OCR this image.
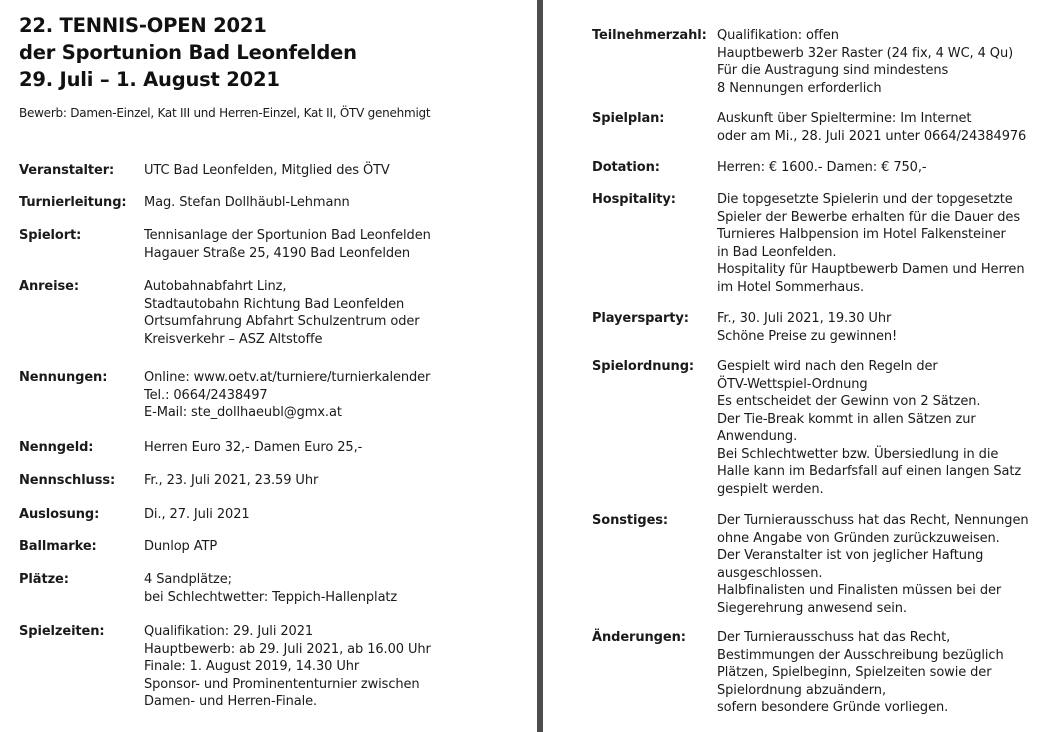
22. TENNIS-OPEN 2021
der Sportunion Bad Leonfelden
29. Juli – 1. August 2021
Bewerb: Damen-Einzel, Kat III und Herren-Einzel, Kat II, ÖTV genehmigt
Veranstalter: UTC Bad Leonfelden, Mitglied des ÖTV
Turnierleitung: Mag. Stefan Dollhäubl-Lehmann
Spielort:	Tennisanlage der Sportunion Bad Leonfelden
Hagauer Straße 25, 4190 Bad Leonfelden
Anreise:	Autobahnabfahrt Linz,
Stadtautobahn Richtung Bad Leonfelden
Ortsumfahrung Abfahrt Schulzentrum oder
Kreisverkehr – ASZ Altstoffe
Nennungen:	Online: www.oetv.at/turniere/turnierkalender
Tel.: 0664/2438497
E-Mail: ste_dollhaeubl@gmx.at
Nenngeld:	Herren Euro 32,- Damen Euro 25,-
Nennschluss: Fr., 23. Juli 2021, 23.59 Uhr
Auslosung:	Di., 27. Juli 2021
Ballmarke:	Dunlop ATP
Plätze:	4 Sandplätze;
bei Schlechtwetter: Teppich-Hallenplatz
Spielzeiten:	Qualifikation: 29. Juli 2021
Hauptbewerb: ab 29. Juli 2021, ab 16.00 Uhr
Finale: 1. August 2019, 14.30 Uhr
Sponsor- und Prominententurnier zwischen
Damen- und Herren-Finale.
Teilnehmerzahl: Qualifikation: offen
Hauptbewerb 32er Raster (24 fix, 4 WC, 4 Qu)
Für die Austragung sind mindestens
8 Nennungen erforderlich
Spielplan:	Auskunft über Spieltermine: Im Internet
oder am Mi., 28. Juli 2021 unter 0664/24384976
Dotation:	Herren: € 1600.- Damen: € 750,-
Hospitality:	Die topgesetzte Spielerin und der topgesetzte
Spieler der Bewerbe erhalten für die Dauer des
Turnieres Halbpension im Hotel Falkensteiner
in Bad Leonfelden.
Hospitality für Hauptbewerb Damen und Herren
im Hotel Sommerhaus.
Playersparty: Fr., 30. Juli 2021, 19.30 Uhr
Schöne Preise zu gewinnen!
Spielordnung: Gespielt wird nach den Regeln der
ÖTV-Wettspiel-Ordnung
Es entscheidet der Gewinn von 2 Sätzen.
Der Tie-Break kommt in allen Sätzen zur
Anwendung.
Bei Schlechtwetter bzw. Übersiedlung in die
Halle kann im Bedarfsfall auf einen langen Satz
gespielt werden.
Sonstiges:	Der Turnierausschuss hat das Recht, Nennungen
ohne Angabe von Gründen zurückzuweisen.
Der Veranstalter ist von jeglicher Haftung
ausgeschlossen.
Halbfinalisten und Finalisten müssen bei der
Siegerehrung anwesend sein.
Änderungen: Der Turnierausschuss hat das Recht,
Bestimmungen der Ausschreibung bezüglich
Plätzen, Spielbeginn, Spielzeiten sowie der
Spielordnung abzuändern,
sofern besondere Gründe vorliegen.
